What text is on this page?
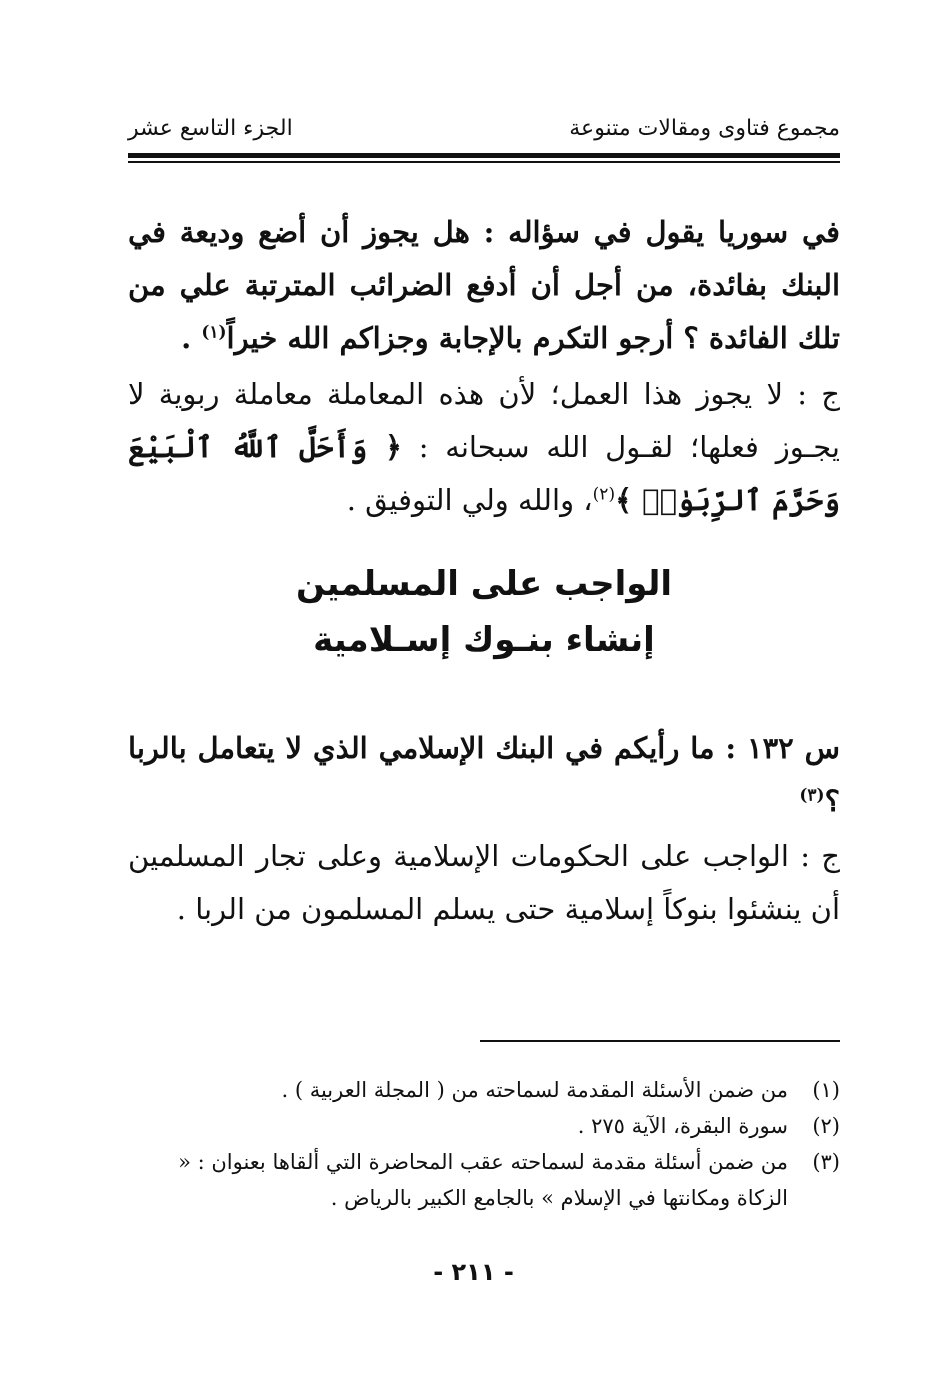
مجموع فتاوى ومقالات متنوعة
الجزء التاسع عشر
في سوريا يقول في سؤاله : هل يجوز أن أضع وديعة في البنك بفائدة، من أجل أن أدفع الضرائب المترتبة علي من تلك الفائدة ؟ أرجو التكرم بالإجابة وجزاكم الله خيراً$^{(١)}$ .
ج : لا يجوز هذا العمل؛ لأن هذه المعاملة معاملة ربوية لا يجـوز فعلها؛ لقـول الله سبحانه : ﴿ وَأَحَلَّ ٱللَّهُ ٱلْبَيْعَ وَحَرَّمَ ٱلرِّبَوٰا۟ ﴾$^{(٢)}$، والله ولي التوفيق .
الواجب على المسلمين
إنشاء بنـوك إسـلامية
س ١٣٢ : ما رأيكم في البنك الإسلامي الذي لا يتعامل بالربا ؟$^{(٣)}$
ج : الواجب على الحكومات الإسلامية وعلى تجار المسلمين أن ينشئوا بنوكاً إسلامية حتى يسلم المسلمون من الربا .
(١)
من ضمن الأسئلة المقدمة لسماحته من ( المجلة العربية ) .
(٢)
سورة البقرة، الآية ٢٧٥ .
(٣)
من ضمن أسئلة مقدمة لسماحته عقب المحاضرة التي ألقاها بعنوان : « الزكاة ومكانتها في الإسلام » بالجامع الكبير بالرياض .
- ٢١١ -
